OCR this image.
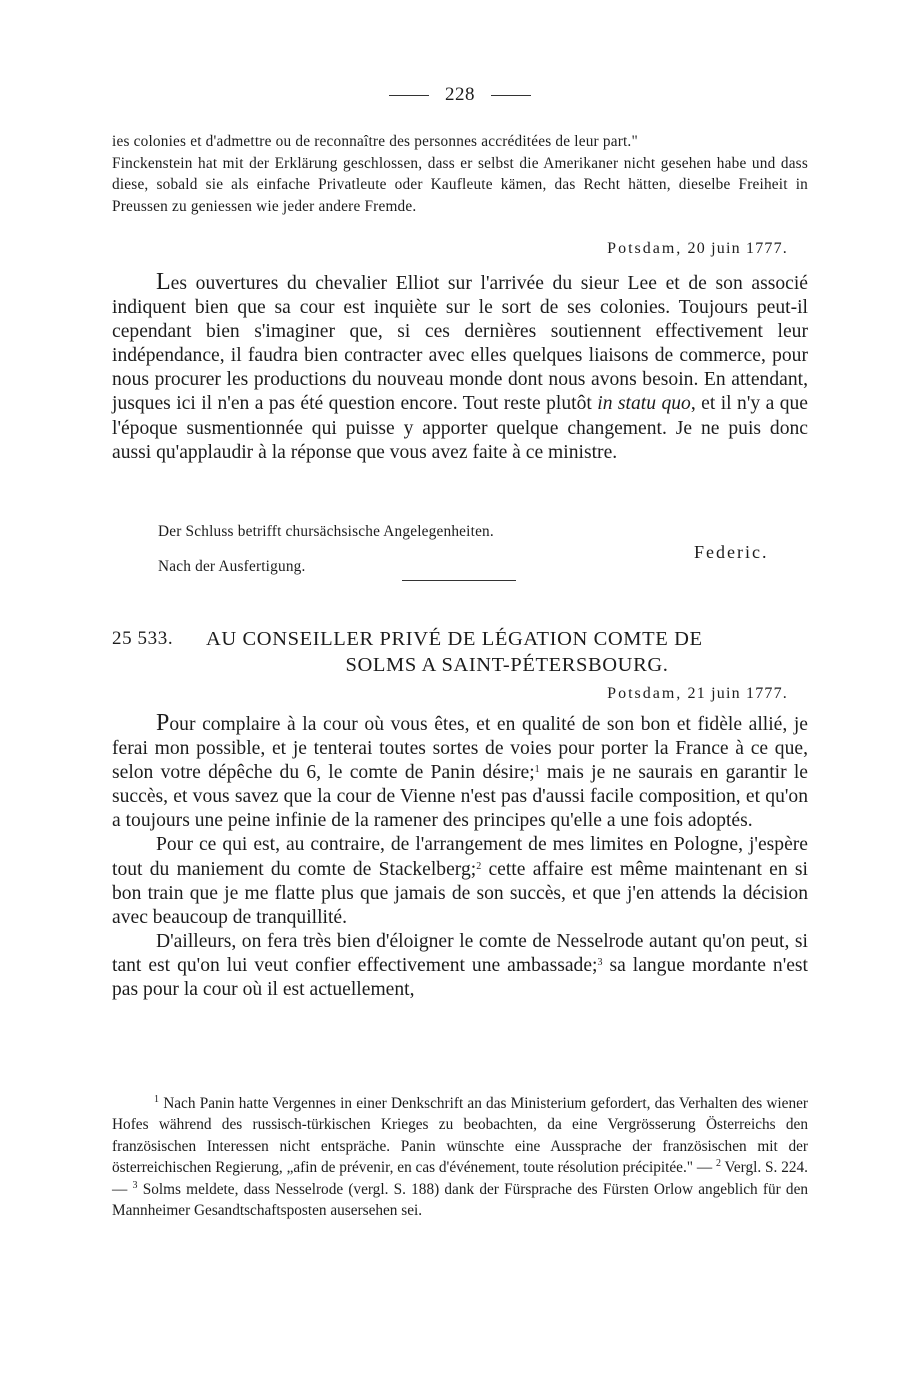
228

ies colonies et d'admettre ou de reconnaître des personnes accréditées de leur part."

Finckenstein hat mit der Erklärung geschlossen, dass er selbst die Amerikaner nicht gesehen habe und dass diese, sobald sie als einfache Privatleute oder Kaufleute kämen, das Recht hätten, dieselbe Freiheit in Preussen zu geniessen wie jeder andere Fremde.

Potsdam, 20 juin 1777.

Les ouvertures du chevalier Elliot sur l'arrivée du sieur Lee et de son associé indiquent bien que sa cour est inquiète sur le sort de ses colonies. Toujours peut-il cependant bien s'imaginer que, si ces dernières soutiennent effectivement leur indépendance, il faudra bien contracter avec elles quelques liaisons de commerce, pour nous procurer les productions du nouveau monde dont nous avons besoin. En attendant, jusques ici il n'en a pas été question encore. Tout reste plutôt in statu quo, et il n'y a que l'époque susmentionnée qui puisse y apporter quelque changement. Je ne puis donc aussi qu'applaudir à la réponse que vous avez faite à ce ministre.

Der Schluss betrifft chursächsische Angelegenheiten.

Nach der Ausfertigung.

Federic.
25 533.	AU CONSEILLER PRIVÉ DE LÉGATION COMTE DE
SOLMS A SAINT-PÉTERSBOURG.
Potsdam, 21 juin 1777.

Pour complaire à la cour où vous êtes, et en qualité de son bon et fidèle allié, je ferai mon possible, et je tenterai toutes sortes de voies pour porter la France à ce que, selon votre dépêche du 6, le comte de Panin désire;$^1$ mais je ne saurais en garantir le succès, et vous savez que la cour de Vienne n'est pas d'aussi facile composition, et qu'on a toujours une peine infinie de la ramener des principes qu'elle a une fois adoptés.

Pour ce qui est, au contraire, de l'arrangement de mes limites en Pologne, j'espère tout du maniement du comte de Stackelberg;$^2$ cette affaire est même maintenant en si bon train que je me flatte plus que jamais de son succès, et que j'en attends la décision avec beaucoup de tranquillité.

D'ailleurs, on fera très bien d'éloigner le comte de Nesselrode autant qu'on peut, si tant est qu'on lui veut confier effectivement une ambassade;$^3$ sa langue mordante n'est pas pour la cour où il est actuellement,

$^1$ Nach Panin hatte Vergennes in einer Denkschrift an das Ministerium gefordert, das Verhalten des wiener Hofes während des russisch-türkischen Krieges zu beobachten, da eine Vergrösserung Österreichs den französischen Interessen nicht entspräche. Panin wünschte eine Aussprache der französischen mit der österreichischen Regierung, „afin de prévenir, en cas d'événement, toute résolution précipitée." — $^2$ Vergl. S. 224. — $^3$ Solms meldete, dass Nesselrode (vergl. S. 188) dank der Fürsprache des Fürsten Orlow angeblich für den Mannheimer Gesandtschaftsposten ausersehen sei.
